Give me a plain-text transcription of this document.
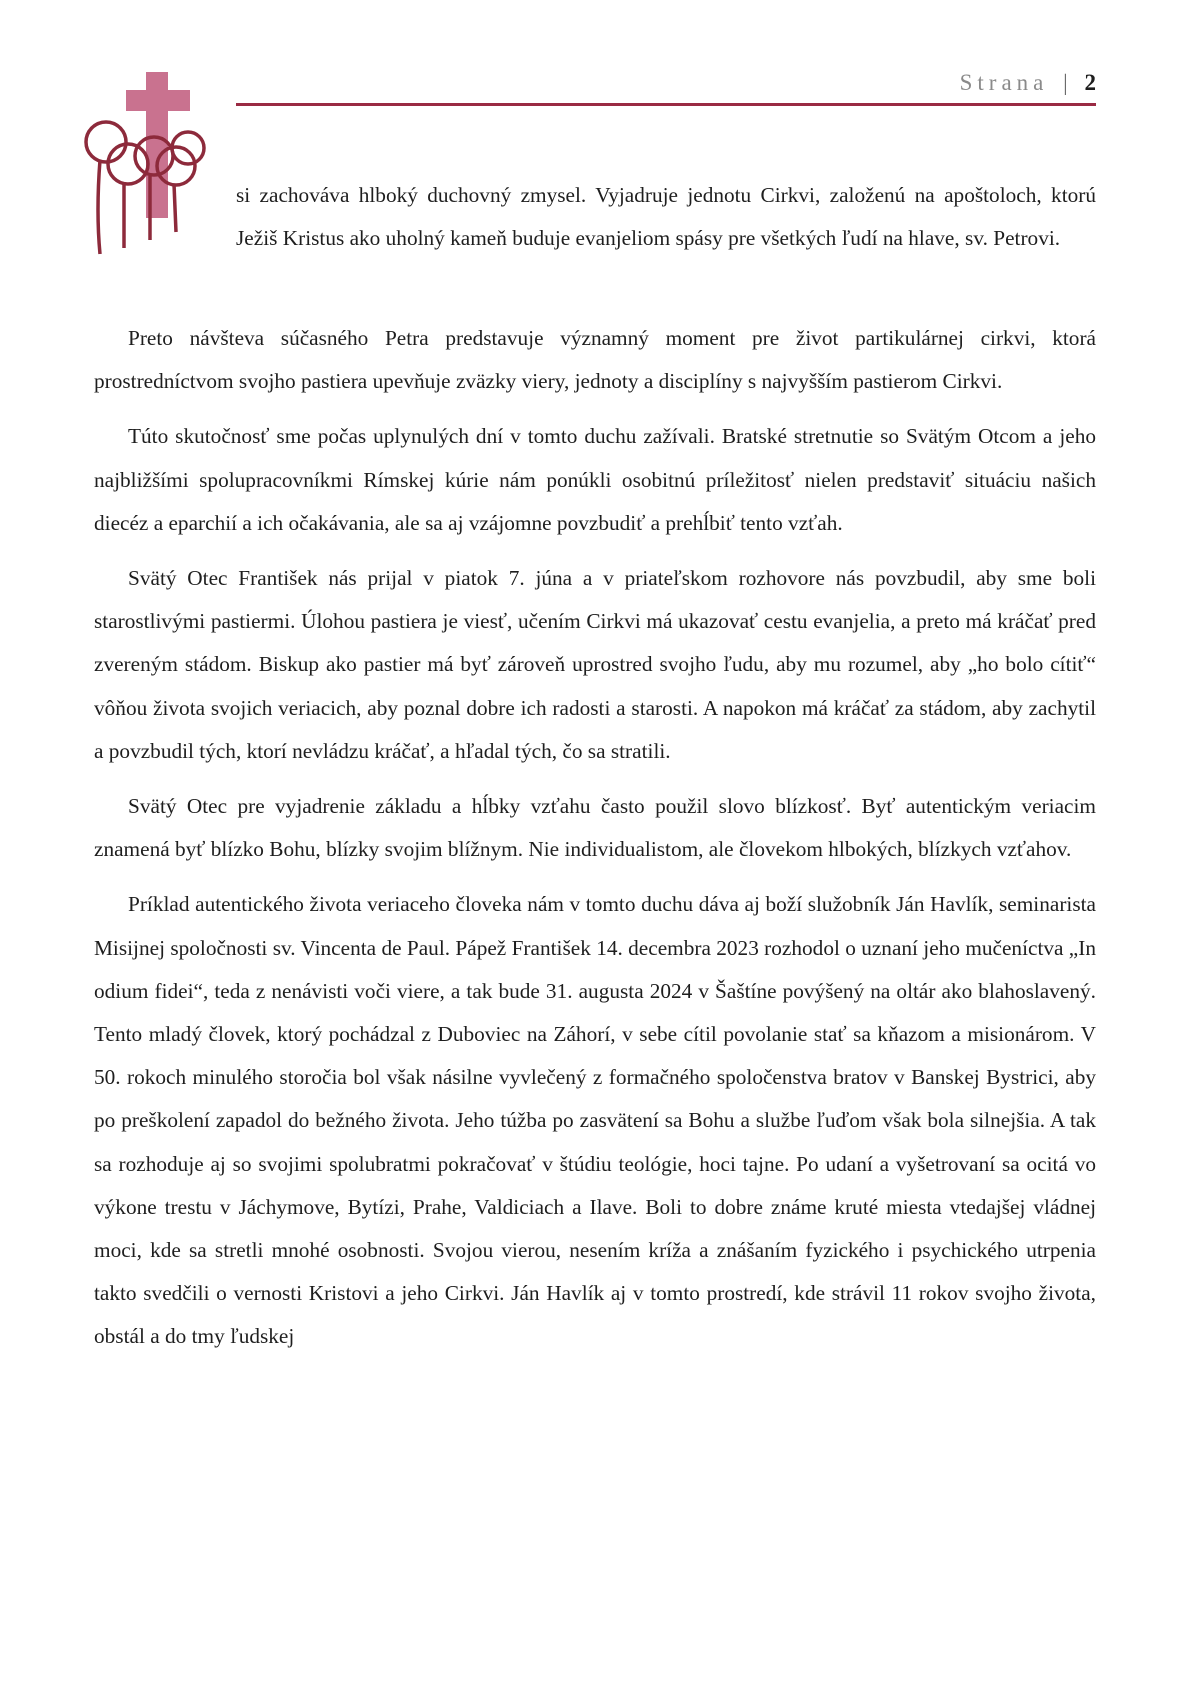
Strana | 2
si zachováva hlboký duchovný zmysel. Vyjadruje jednotu Cirkvi, založenú na apoštoloch, ktorú Ježiš Kristus ako uholný kameň buduje evanjeliom spásy pre všetkých ľudí na hlave, sv. Petrovi.

Preto návšteva súčasného Petra predstavuje významný moment pre život partikulárnej cirkvi, ktorá prostredníctvom svojho pastiera upevňuje zväzky viery, jednoty a disciplíny s najvyšším pastierom Cirkvi.

Túto skutočnosť sme počas uplynulých dní v tomto duchu zažívali. Bratské stretnutie so Svätým Otcom a jeho najbližšími spolupracovníkmi Rímskej kúrie nám ponúkli osobitnú príležitosť nielen predstaviť situáciu našich diecéz a eparchií a ich očakávania, ale sa aj vzájomne povzbudiť a prehĺbiť tento vzťah.

Svätý Otec František nás prijal v piatok 7. júna a v priateľskom rozhovore nás povzbudil, aby sme boli starostlivými pastiermi. Úlohou pastiera je viesť, učením Cirkvi má ukazovať cestu evanjelia, a preto má kráčať pred zvereným stádom. Biskup ako pastier má byť zároveň uprostred svojho ľudu, aby mu rozumel, aby „ho bolo cítiť“ vôňou života svojich veriacich, aby poznal dobre ich radosti a starosti. A napokon má kráčať za stádom, aby zachytil a povzbudil tých, ktorí nevládzu kráčať, a hľadal tých, čo sa stratili.

Svätý Otec pre vyjadrenie základu a hĺbky vzťahu často použil slovo blízkosť. Byť autentickým veriacim znamená byť blízko Bohu, blízky svojim blížnym. Nie individualistom, ale človekom hlbokých, blízkych vzťahov.

Príklad autentického života veriaceho človeka nám v tomto duchu dáva aj boží služobník Ján Havlík, seminarista Misijnej spoločnosti sv. Vincenta de Paul. Pápež František 14. decembra 2023 rozhodol o uznaní jeho mučeníctva „In odium fidei“, teda z nenávisti voči viere, a tak bude 31. augusta 2024 v Šaštíne povýšený na oltár ako blahoslavený. Tento mladý človek, ktorý pochádzal z Duboviec na Záhorí, v sebe cítil povolanie stať sa kňazom a misionárom. V 50. rokoch minulého storočia bol však násilne vyvlečený z formačného spoločenstva bratov v Banskej Bystrici, aby po preškolení zapadol do bežného života. Jeho túžba po zasvätení sa Bohu a službe ľuďom však bola silnejšia. A tak sa rozhoduje aj so svojimi spolubratmi pokračovať v štúdiu teológie, hoci tajne. Po udaní a vyšetrovaní sa ocitá vo výkone trestu v Jáchymove, Bytízi, Prahe, Valdiciach a Ilave. Boli to dobre známe kruté miesta vtedajšej vládnej moci, kde sa stretli mnohé osobnosti. Svojou vierou, nesením kríža a znášaním fyzického i psychického utrpenia takto svedčili o vernosti Kristovi a jeho Cirkvi. Ján Havlík aj v tomto prostredí, kde strávil 11 rokov svojho života, obstál a do tmy ľudskej
